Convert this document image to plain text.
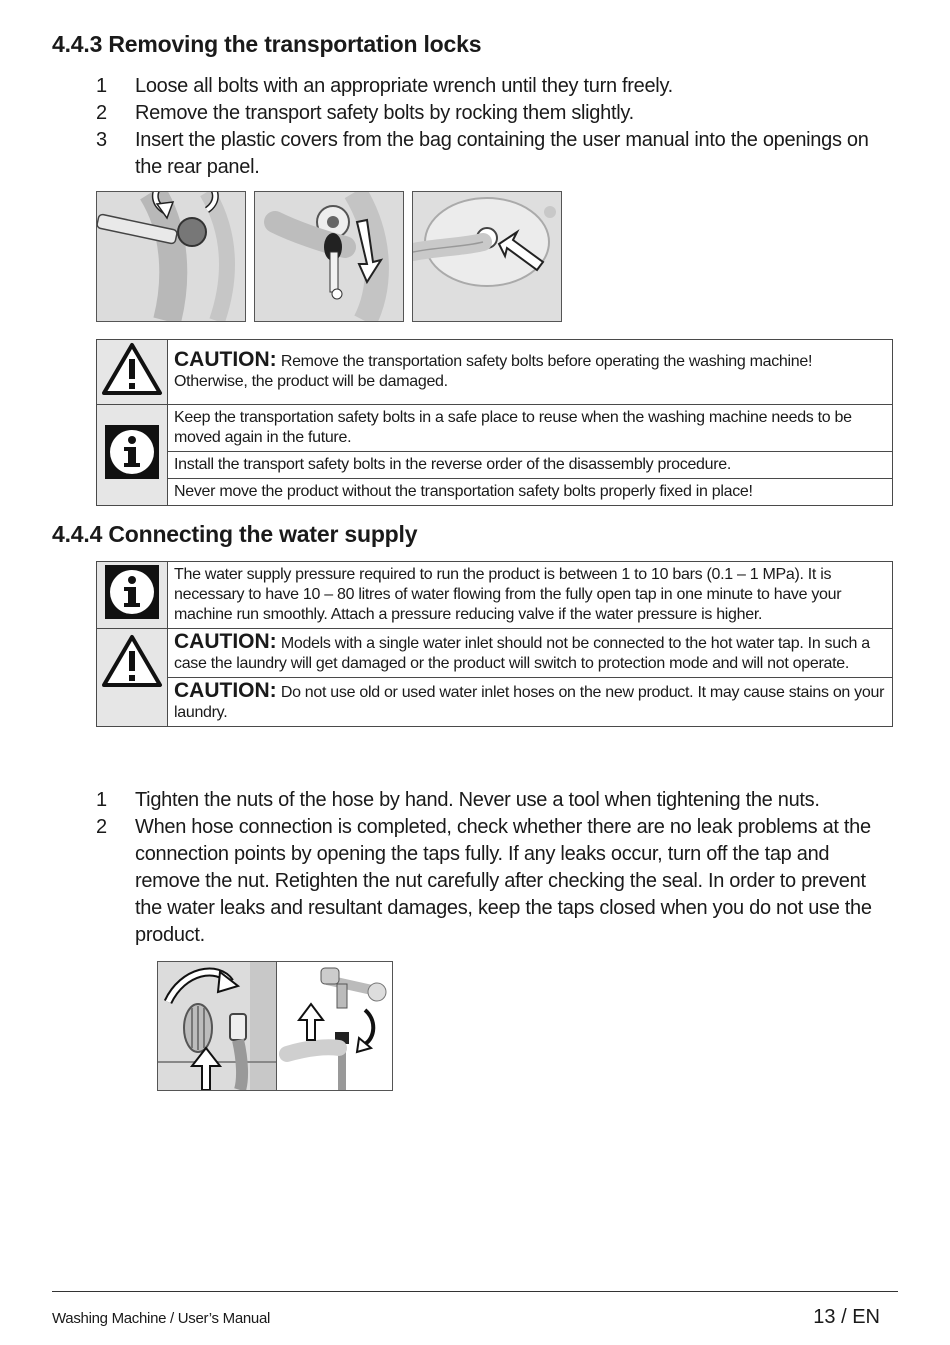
4.4.3 Removing the transportation locks
1	Loose all bolts with an appropriate wrench until they turn freely.
2	Remove the transport safety bolts by rocking them slightly.
3	Insert the plastic covers from the bag containing the user manual into the openings on the rear panel.
	CAUTION: Remove the transportation safety bolts before operating the washing machine! Otherwise, the product will be damaged.
	Keep the transportation safety bolts in a safe place to reuse when the washing machine needs to be moved again in the future.
	Install the transport safety bolts in the reverse order of the disassembly procedure.
	Never move the product without the transportation safety bolts properly fixed in place!
4.4.4 Connecting the water supply
	The water supply pressure required to run the product is between 1 to 10 bars (0.1 – 1 MPa). It is necessary to have 10 – 80 litres of water flowing from the fully open tap in one minute to have your machine run smoothly. Attach a pressure reducing valve if the water pressure is higher.
	CAUTION: Models with a single water inlet should not be connected to the hot water tap. In such a case the laundry will get damaged or the product will switch to protection mode and will not operate.
	CAUTION: Do not use old or used water inlet hoses on the new product. It may cause stains on your laundry.
1	Tighten the nuts of the hose by hand. Never use a tool when tightening the nuts.
2	When hose connection is completed, check whether there are no leak problems at the connection points by opening the taps fully. If any leaks occur, turn off the tap and remove the nut. Retighten the nut carefully after checking the seal. In order to prevent the water leaks and resultant damages, keep the taps closed when you do not use the product.
Washing Machine / User’s Manual	13 / EN
